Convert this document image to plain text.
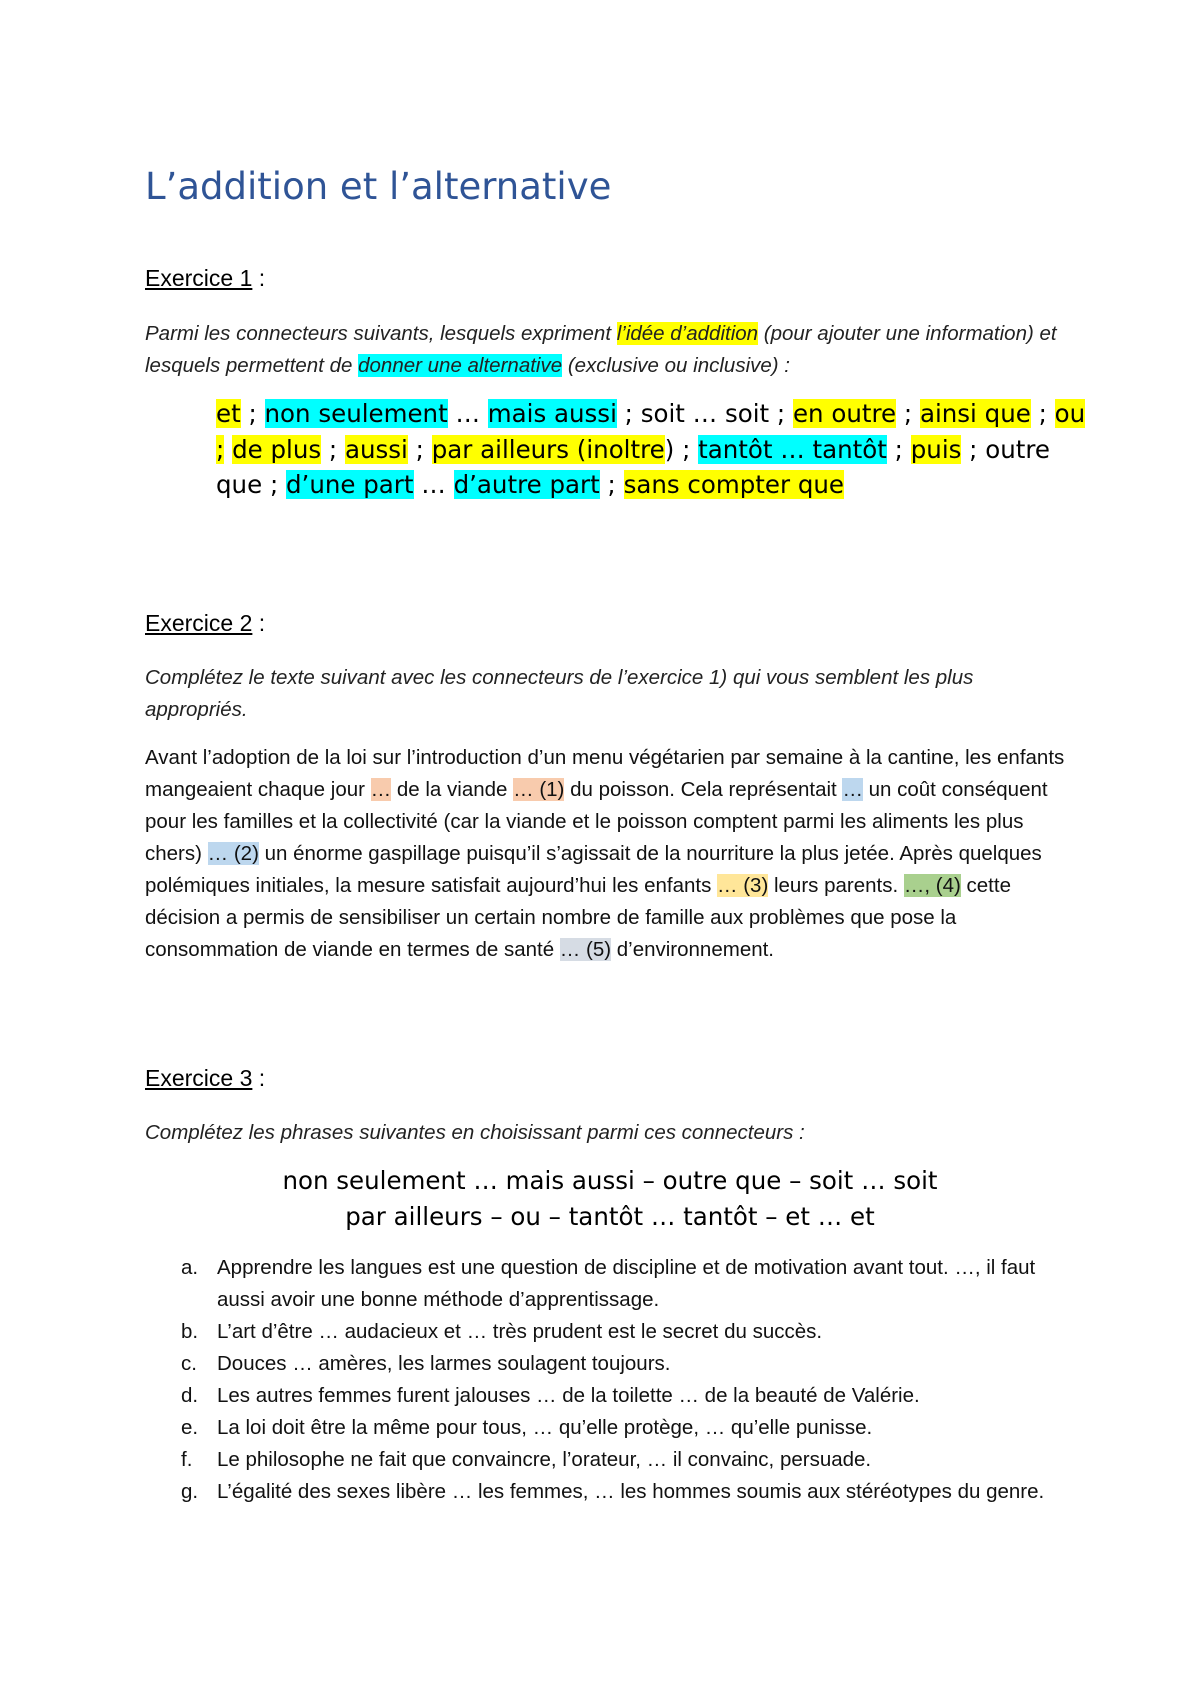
L’addition et l’alternative
Exercice 1 :
Parmi les connecteurs suivants, lesquels expriment l’idée d’addition (pour ajouter une information) et lesquels permettent de donner une alternative (exclusive ou inclusive) :
et ; non seulement … mais aussi ; soit … soit ; en outre ; ainsi que ; ou ; de plus ; aussi ; par ailleurs (inoltre) ; tantôt … tantôt ; puis ; outre que ; d’une part … d’autre part ; sans compter que
Exercice 2 :
Complétez le texte suivant avec les connecteurs de l’exercice 1) qui vous semblent les plus appropriés.
Avant l’adoption de la loi sur l’introduction d’un menu végétarien par semaine à la cantine, les enfants mangeaient chaque jour … de la viande … (1) du poisson. Cela représentait … un coût conséquent pour les familles et la collectivité (car la viande et le poisson comptent parmi les aliments les plus chers) … (2) un énorme gaspillage puisqu’il s’agissait de la nourriture la plus jetée. Après quelques polémiques initiales, la mesure satisfait aujourd’hui les enfants … (3) leurs parents. …, (4) cette décision a permis de sensibiliser un certain nombre de famille aux problèmes que pose la consommation de viande en termes de santé … (5) d’environnement.
Exercice 3 :
Complétez les phrases suivantes en choisissant parmi ces connecteurs :
non seulement … mais aussi – outre que – soit … soit
par ailleurs – ou – tantôt … tantôt – et … et
a. Apprendre les langues est une question de discipline et de motivation avant tout. …, il faut aussi avoir une bonne méthode d’apprentissage.
b. L’art d’être … audacieux et … très prudent est le secret du succès.
c. Douces … amères, les larmes soulagent toujours.
d. Les autres femmes furent jalouses … de la toilette … de la beauté de Valérie.
e. La loi doit être la même pour tous, … qu’elle protège, … qu’elle punisse.
f. Le philosophe ne fait que convaincre, l’orateur, … il convainc, persuade.
g. L’égalité des sexes libère … les femmes, … les hommes soumis aux stéréotypes du genre.
